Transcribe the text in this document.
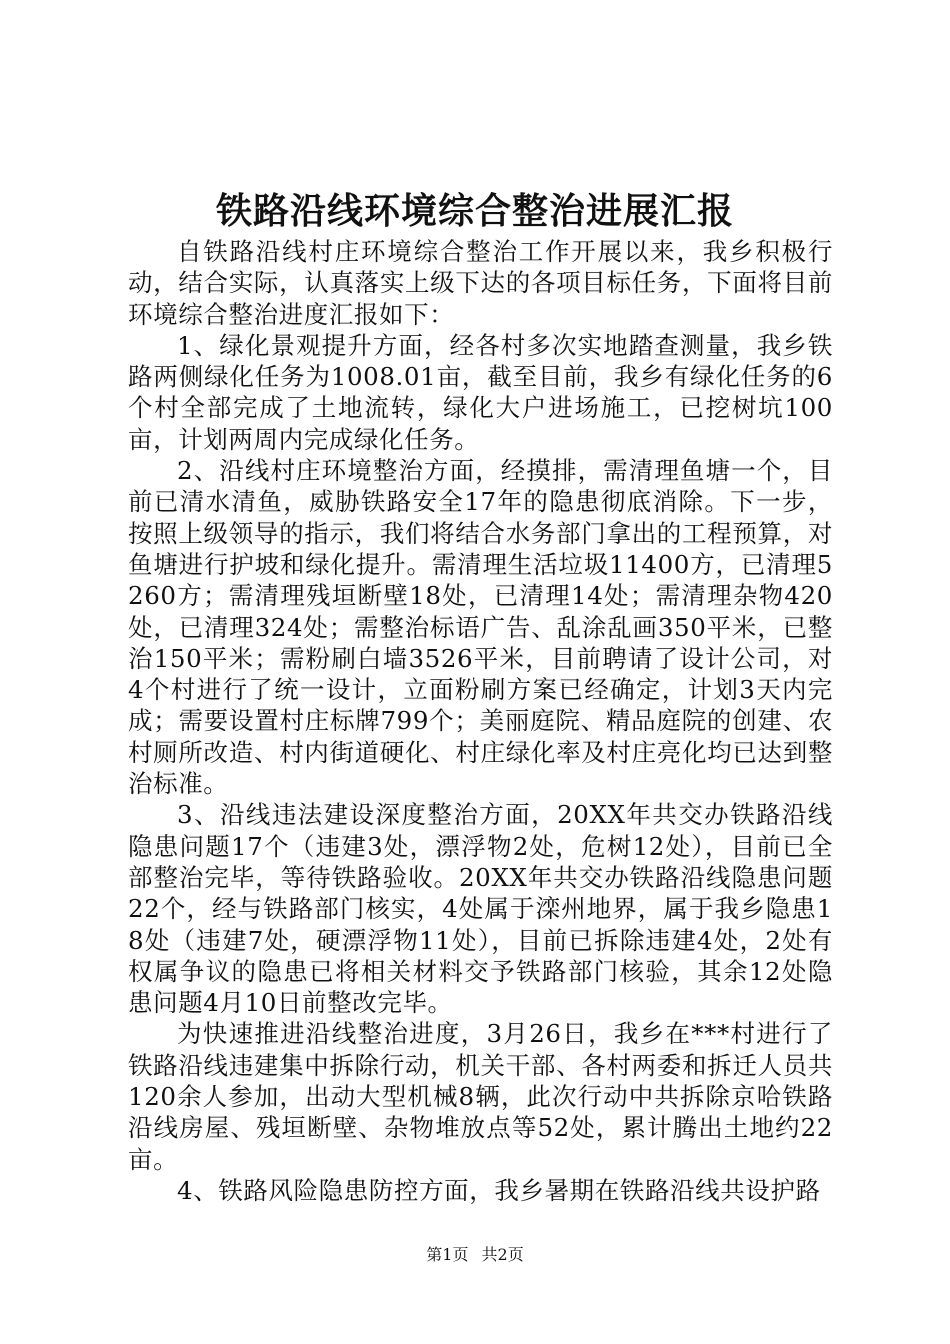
铁路沿线环境综合整治进展汇报

自铁路沿线村庄环境综合整治工作开展以来，我乡积极行动，结合实际，认真落实上级下达的各项目标任务，下面将目前环境综合整治进度汇报如下：

1、绿化景观提升方面，经各村多次实地踏查测量，我乡铁路两侧绿化任务为1008.01亩，截至目前，我乡有绿化任务的6个村全部完成了土地流转，绿化大户进场施工，已挖树坑100亩，计划两周内完成绿化任务。

2、沿线村庄环境整治方面，经摸排，需清理鱼塘一个，目前已清水清鱼，威胁铁路安全17年的隐患彻底消除。下一步，按照上级领导的指示，我们将结合水务部门拿出的工程预算，对鱼塘进行护坡和绿化提升。需清理生活垃圾11400方，已清理5260方；需清理残垣断壁18处，已清理14处；需清理杂物420处，已清理324处；需整治标语广告、乱涂乱画350平米，已整治150平米；需粉刷白墙3526平米，目前聘请了设计公司，对4个村进行了统一设计，立面粉刷方案已经确定，计划3天内完成；需要设置村庄标牌799个；美丽庭院、精品庭院的创建、农村厕所改造、村内街道硬化、村庄绿化率及村庄亮化均已达到整治标准。

3、沿线违法建设深度整治方面，20XX年共交办铁路沿线隐患问题17个（违建3处，漂浮物2处，危树12处），目前已全部整治完毕，等待铁路验收。20XX年共交办铁路沿线隐患问题22个，经与铁路部门核实，4处属于滦州地界，属于我乡隐患18处（违建7处，硬漂浮物11处），目前已拆除违建4处，2处有权属争议的隐患已将相关材料交予铁路部门核验，其余12处隐患问题4月10日前整改完毕。

为快速推进沿线整治进度，3月26日，我乡在***村进行了铁路沿线违建集中拆除行动，机关干部、各村两委和拆迁人员共120余人参加，出动大型机械8辆，此次行动中共拆除京哈铁路沿线房屋、残垣断壁、杂物堆放点等52处，累计腾出土地约22亩。

4、铁路风险隐患防控方面，我乡暑期在铁路沿线共设护路

第1页 共2页
